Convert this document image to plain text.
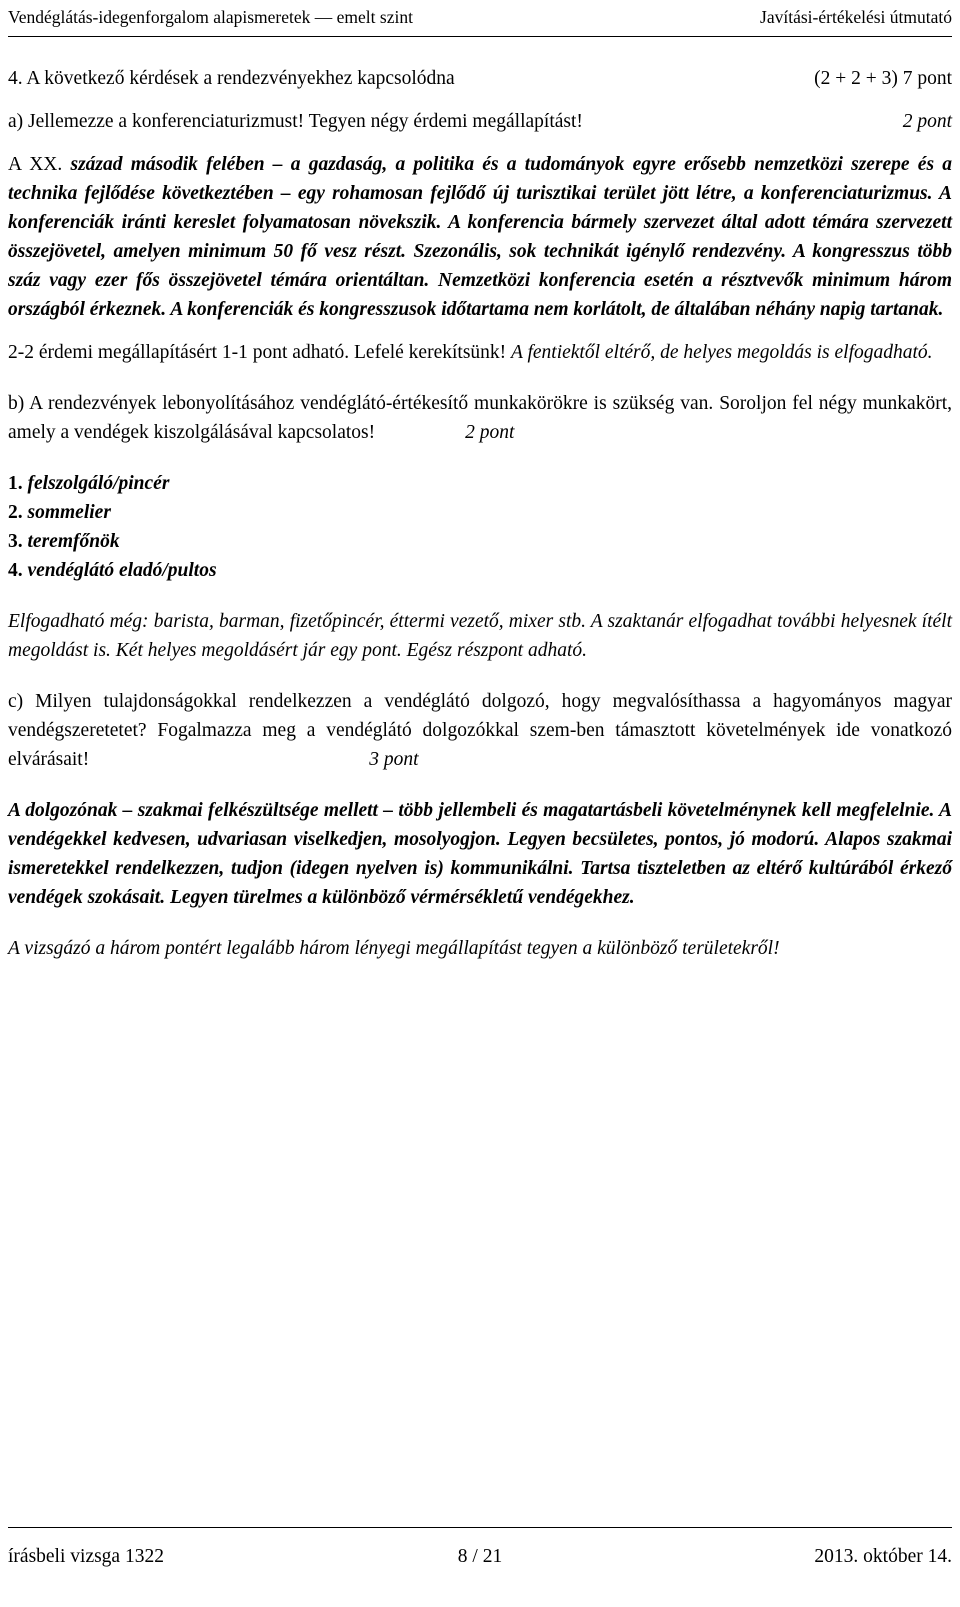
Vendéglátás-idegenforgalom alapismeretek — emelt szint	Javítási-értékelési útmutató
4. A következő kérdések a rendezvényekhez kapcsolódna	(2 + 2 + 3) 7 pont
a) Jellemezze a konferenciaturizmust! Tegyen négy érdemi megállapítást!	2 pont

A XX. század második felében – a gazdaság, a politika és a tudományok egyre erősebb nemzetközi szerepe és a technika fejlődése következtében – egy rohamosan fejlődő új turisztikai terület jött létre, a konferenciaturizmus. A konferenciák iránti kereslet folyamatosan növekszik. A konferencia bármely szervezet által adott témára szervezett összejövetel, amelyen minimum 50 fő vesz részt. Szezonális, sok technikát igénylő rendezvény. A kongresszus több száz vagy ezer fős összejövetel témára orientáltan. Nemzetközi konferencia esetén a résztvevők minimum három országból érkeznek. A konferenciák és kongresszusok időtartama nem korlátolt, de általában néhány napig tartanak.

2-2 érdemi megállapításért 1-1 pont adható. Lefelé kerekítsünk! A fentiektől eltérő, de helyes megoldás is elfogadható.

b) A rendezvények lebonyolításához vendéglátó-értékesítő munkakörökre is szükség van. Soroljon fel négy munkakört, amely a vendégek kiszolgálásával kapcsolatos!	2 pont

1. felszolgáló/pincér
2. sommelier
3. teremfőnök
4. vendéglátó eladó/pultos

Elfogadható még: barista, barman, fizetőpincér, éttermi vezető, mixer stb. A szaktanár elfogadhat további helyesnek ítélt megoldást is. Két helyes megoldásért jár egy pont. Egész részpont adható.

c) Milyen tulajdonságokkal rendelkezzen a vendéglátó dolgozó, hogy megvalósíthassa a hagyományos magyar vendégszeretetet? Fogalmazza meg a vendéglátó dolgozókkal szem-ben támasztott követelmények ide vonatkozó elvárásait!	3 pont

A dolgozónak – szakmai felkészültsége mellett – több jellembeli és magatartásbeli követelménynek kell megfelelnie. A vendégekkel kedvesen, udvariasan viselkedjen, mosolyogjon. Legyen becsületes, pontos, jó modorú. Alapos szakmai ismeretekkel rendelkezzen, tudjon (idegen nyelven is) kommunikálni. Tartsa tiszteletben az eltérő kultúrából érkező vendégek szokásait. Legyen türelmes a különböző vérmérsékletű vendégekhez.

A vizsgázó a három pontért legalább három lényegi megállapítást tegyen a különböző területekről!

írásbeli vizsga 1322	8 / 21	2013. október 14.
